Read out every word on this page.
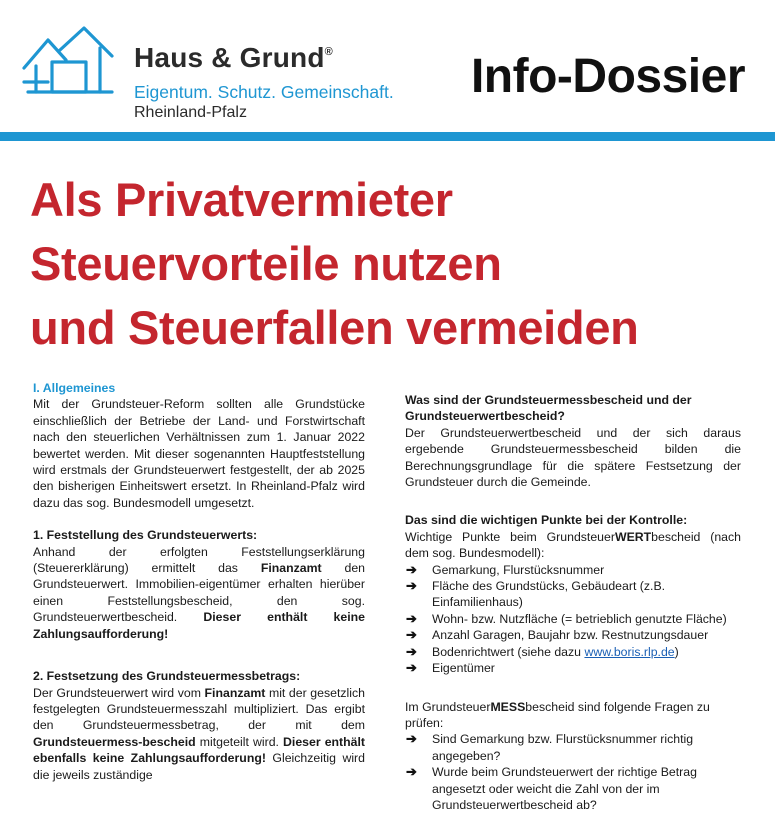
Haus & Grund®
Eigentum. Schutz. Gemeinschaft.
Rheinland-Pfalz
Info-Dossier
Als Privatvermieter
Steuervorteile nutzen
und Steuerfallen vermeiden
I. Allgemeines

Mit der Grundsteuer-Reform sollten alle Grundstücke einschließlich der Betriebe der Land- und Forstwirtschaft nach den steuerlichen Verhältnissen zum 1. Januar 2022 bewertet werden. Mit dieser sogenannten Hauptfeststellung wird erstmals der Grundsteuerwert festgestellt, der ab 2025 den bisherigen Einheitswert ersetzt. In Rheinland-Pfalz wird dazu das sog. Bundesmodell umgesetzt.

1. Feststellung des Grundsteuerwerts:

Anhand der erfolgten Feststellungserklärung (Steuererklärung) ermittelt das Finanzamt den Grundsteuerwert. Immobilien-eigentümer erhalten hierüber einen Feststellungsbescheid, den sog. Grundsteuerwertbescheid. Dieser enthält keine Zahlungsaufforderung!

2. Festsetzung des Grundsteuermessbetrags:

Der Grundsteuerwert wird vom Finanzamt mit der gesetzlich festgelegten Grundsteuermesszahl multipliziert. Das ergibt den Grundsteuermessbetrag, der mit dem Grundsteuermess-bescheid mitgeteilt wird. Dieser enthält ebenfalls keine Zahlungsaufforderung! Gleichzeitig wird die jeweils zuständige

Was sind der Grundsteuermessbescheid und der Grundsteuerwertbescheid?

Der Grundsteuerwertbescheid und der sich daraus ergebende Grundsteuermessbescheid bilden die Berechnungsgrundlage für die spätere Festsetzung der Grundsteuer durch die Gemeinde.

Das sind die wichtigen Punkte bei der Kontrolle:

Wichtige Punkte beim GrundsteuerWERTbescheid (nach dem sog. Bundesmodell):

➔ Gemarkung, Flurstücksnummer
➔ Fläche des Grundstücks, Gebäudeart (z.B. Einfamilienhaus)
➔ Wohn- bzw. Nutzfläche (= betrieblich genutzte Fläche)
➔ Anzahl Garagen, Baujahr bzw. Restnutzungsdauer
➔ Bodenrichtwert (siehe dazu www.boris.rlp.de)
➔ Eigentümer

Im GrundsteuerMESSbescheid sind folgende Fragen zu prüfen:

➔ Sind Gemarkung bzw. Flurstücksnummer richtig angegeben?
➔ Wurde beim Grundsteuerwert der richtige Betrag angesetzt oder weicht die Zahl von der im Grundsteuerwertbescheid ab?
